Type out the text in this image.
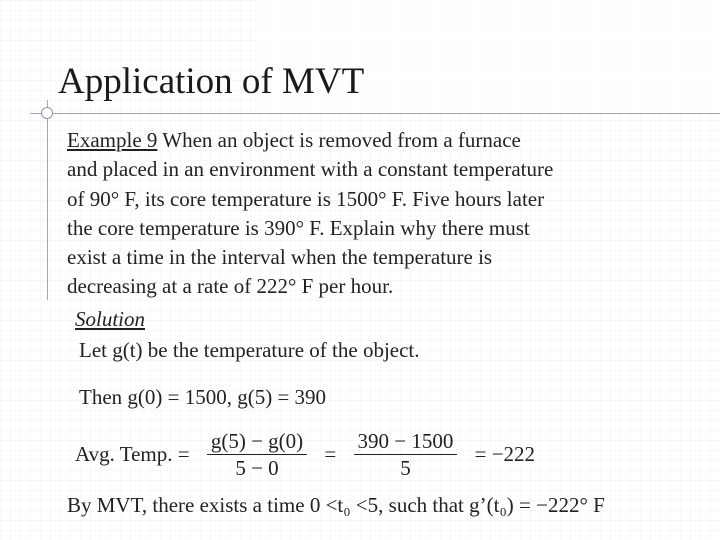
Application of MVT
Example 9 When an object is removed from a furnace
and placed in an environment with a constant temperature
of 90° F, its core temperature is 1500° F. Five hours later
the core temperature is 390° F. Explain why there must
exist a time in the interval when the temperature is
decreasing at a rate of 222° F per hour.
Solution
Let g(t) be the temperature of the object.
Then g(0) = 1500, g(5) = 390
Avg. Temp. = $\frac{g(5) - g(0)}{5 - 0} = \frac{390 - 1500}{5} = -222$
By MVT, there exists a time 0 <t₀ <5, such that g’(t₀) = −222° F
